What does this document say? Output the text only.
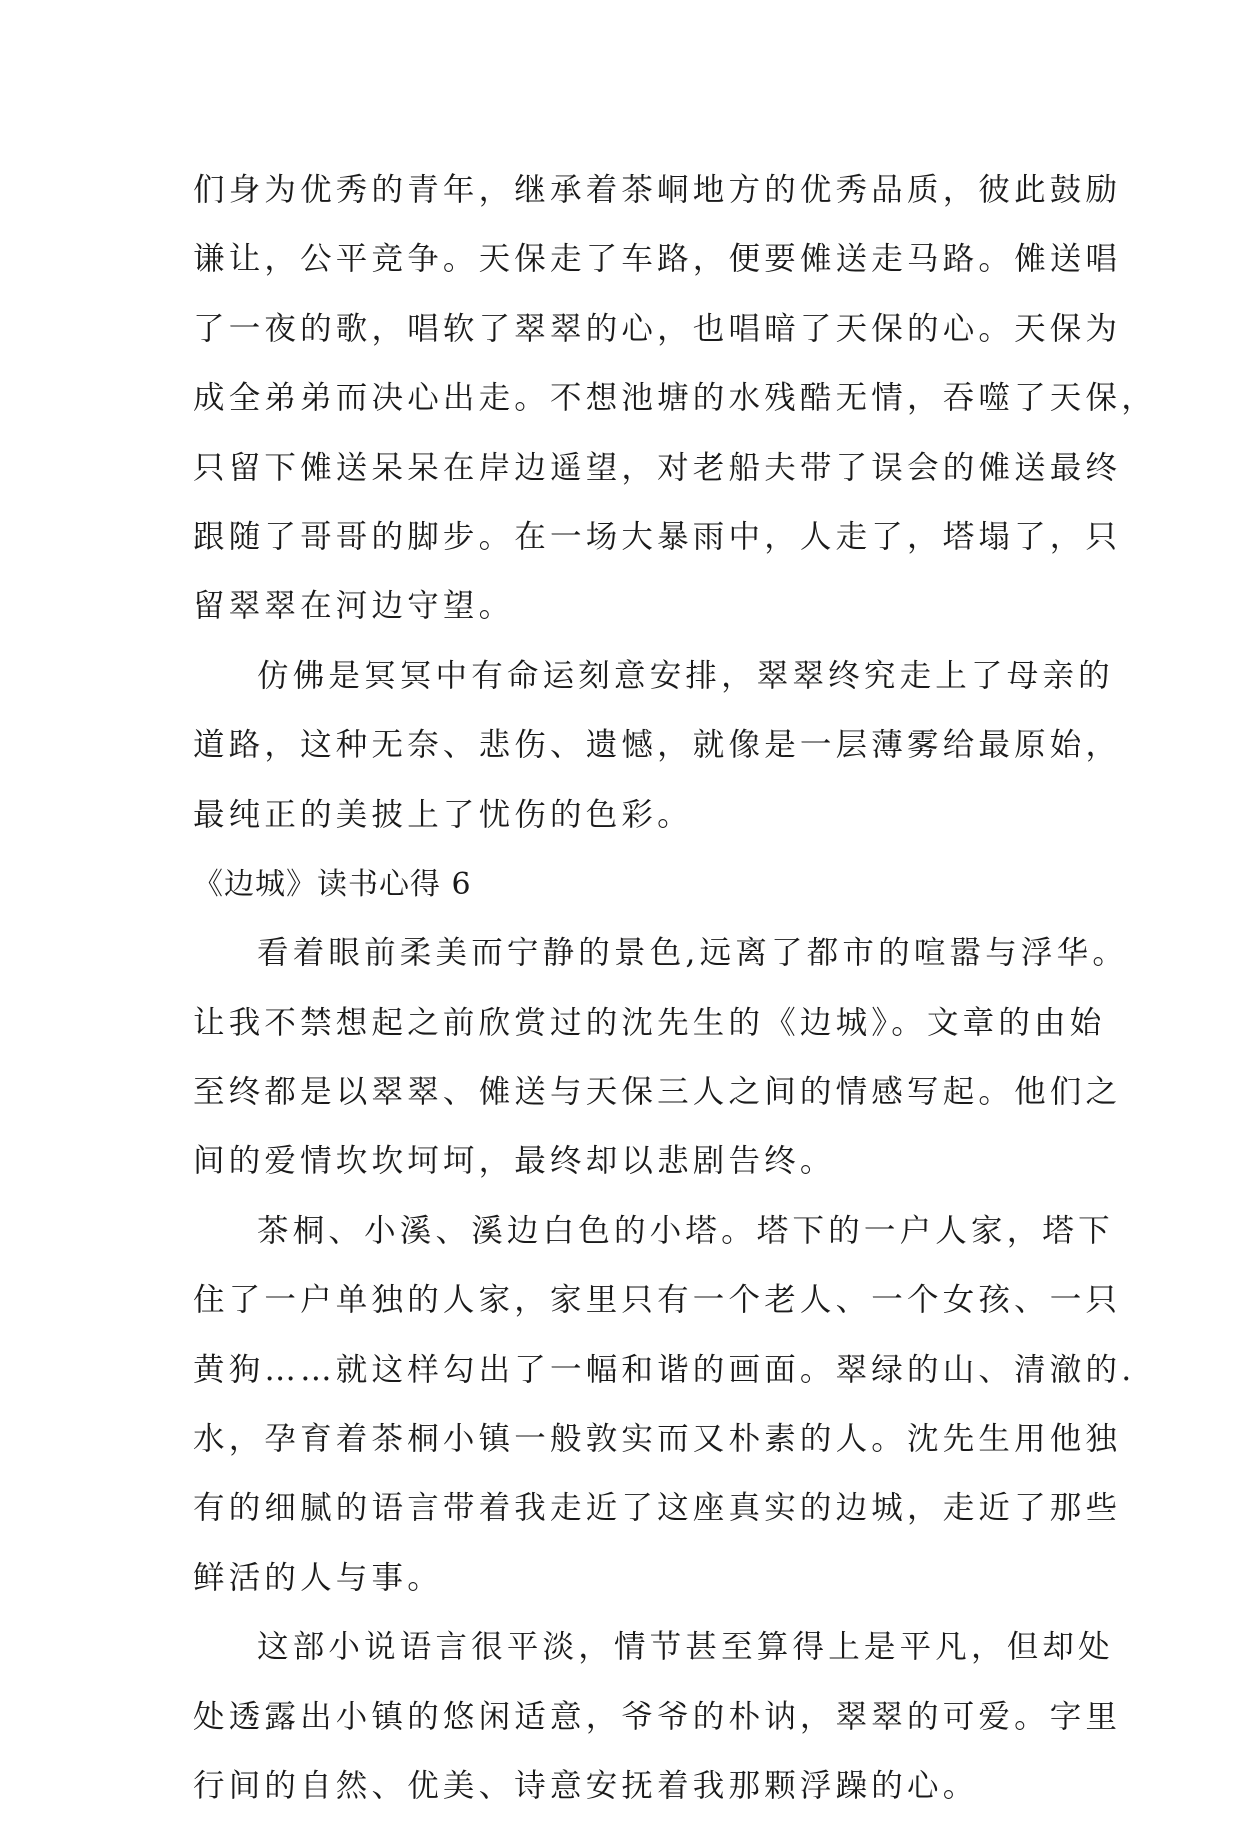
们身为优秀的青年，继承着茶峒地方的优秀品质，彼此鼓励
谦让，公平竞争。天保走了车路，便要傩送走马路。傩送唱
了一夜的歌，唱软了翠翠的心，也唱暗了天保的心。天保为
成全弟弟而决心出走。不想池塘的水残酷无情，吞噬了天保，
只留下傩送呆呆在岸边遥望，对老船夫带了误会的傩送最终
跟随了哥哥的脚步。在一场大暴雨中，人走了，塔塌了，只
留翠翠在河边守望。
仿佛是冥冥中有命运刻意安排，翠翠终究走上了母亲的
道路，这种无奈、悲伤、遗憾，就像是一层薄雾给最原始，
最纯正的美披上了忧伤的色彩。
《边城》读书心得 6
看着眼前柔美而宁静的景色,远离了都市的喧嚣与浮华。
让我不禁想起之前欣赏过的沈先生的《边城》。文章的由始
至终都是以翠翠、傩送与天保三人之间的情感写起。他们之
间的爱情坎坎坷坷，最终却以悲剧告终。
茶桐、小溪、溪边白色的小塔。塔下的一户人家，塔下
住了一户单独的人家，家里只有一个老人、一个女孩、一只
黄狗……就这样勾出了一幅和谐的画面。翠绿的山、清澈的.
水，孕育着茶桐小镇一般敦实而又朴素的人。沈先生用他独
有的细腻的语言带着我走近了这座真实的边城，走近了那些
鲜活的人与事。
这部小说语言很平淡，情节甚至算得上是平凡，但却处
处透露出小镇的悠闲适意，爷爷的朴讷，翠翠的可爱。字里
行间的自然、优美、诗意安抚着我那颗浮躁的心。
